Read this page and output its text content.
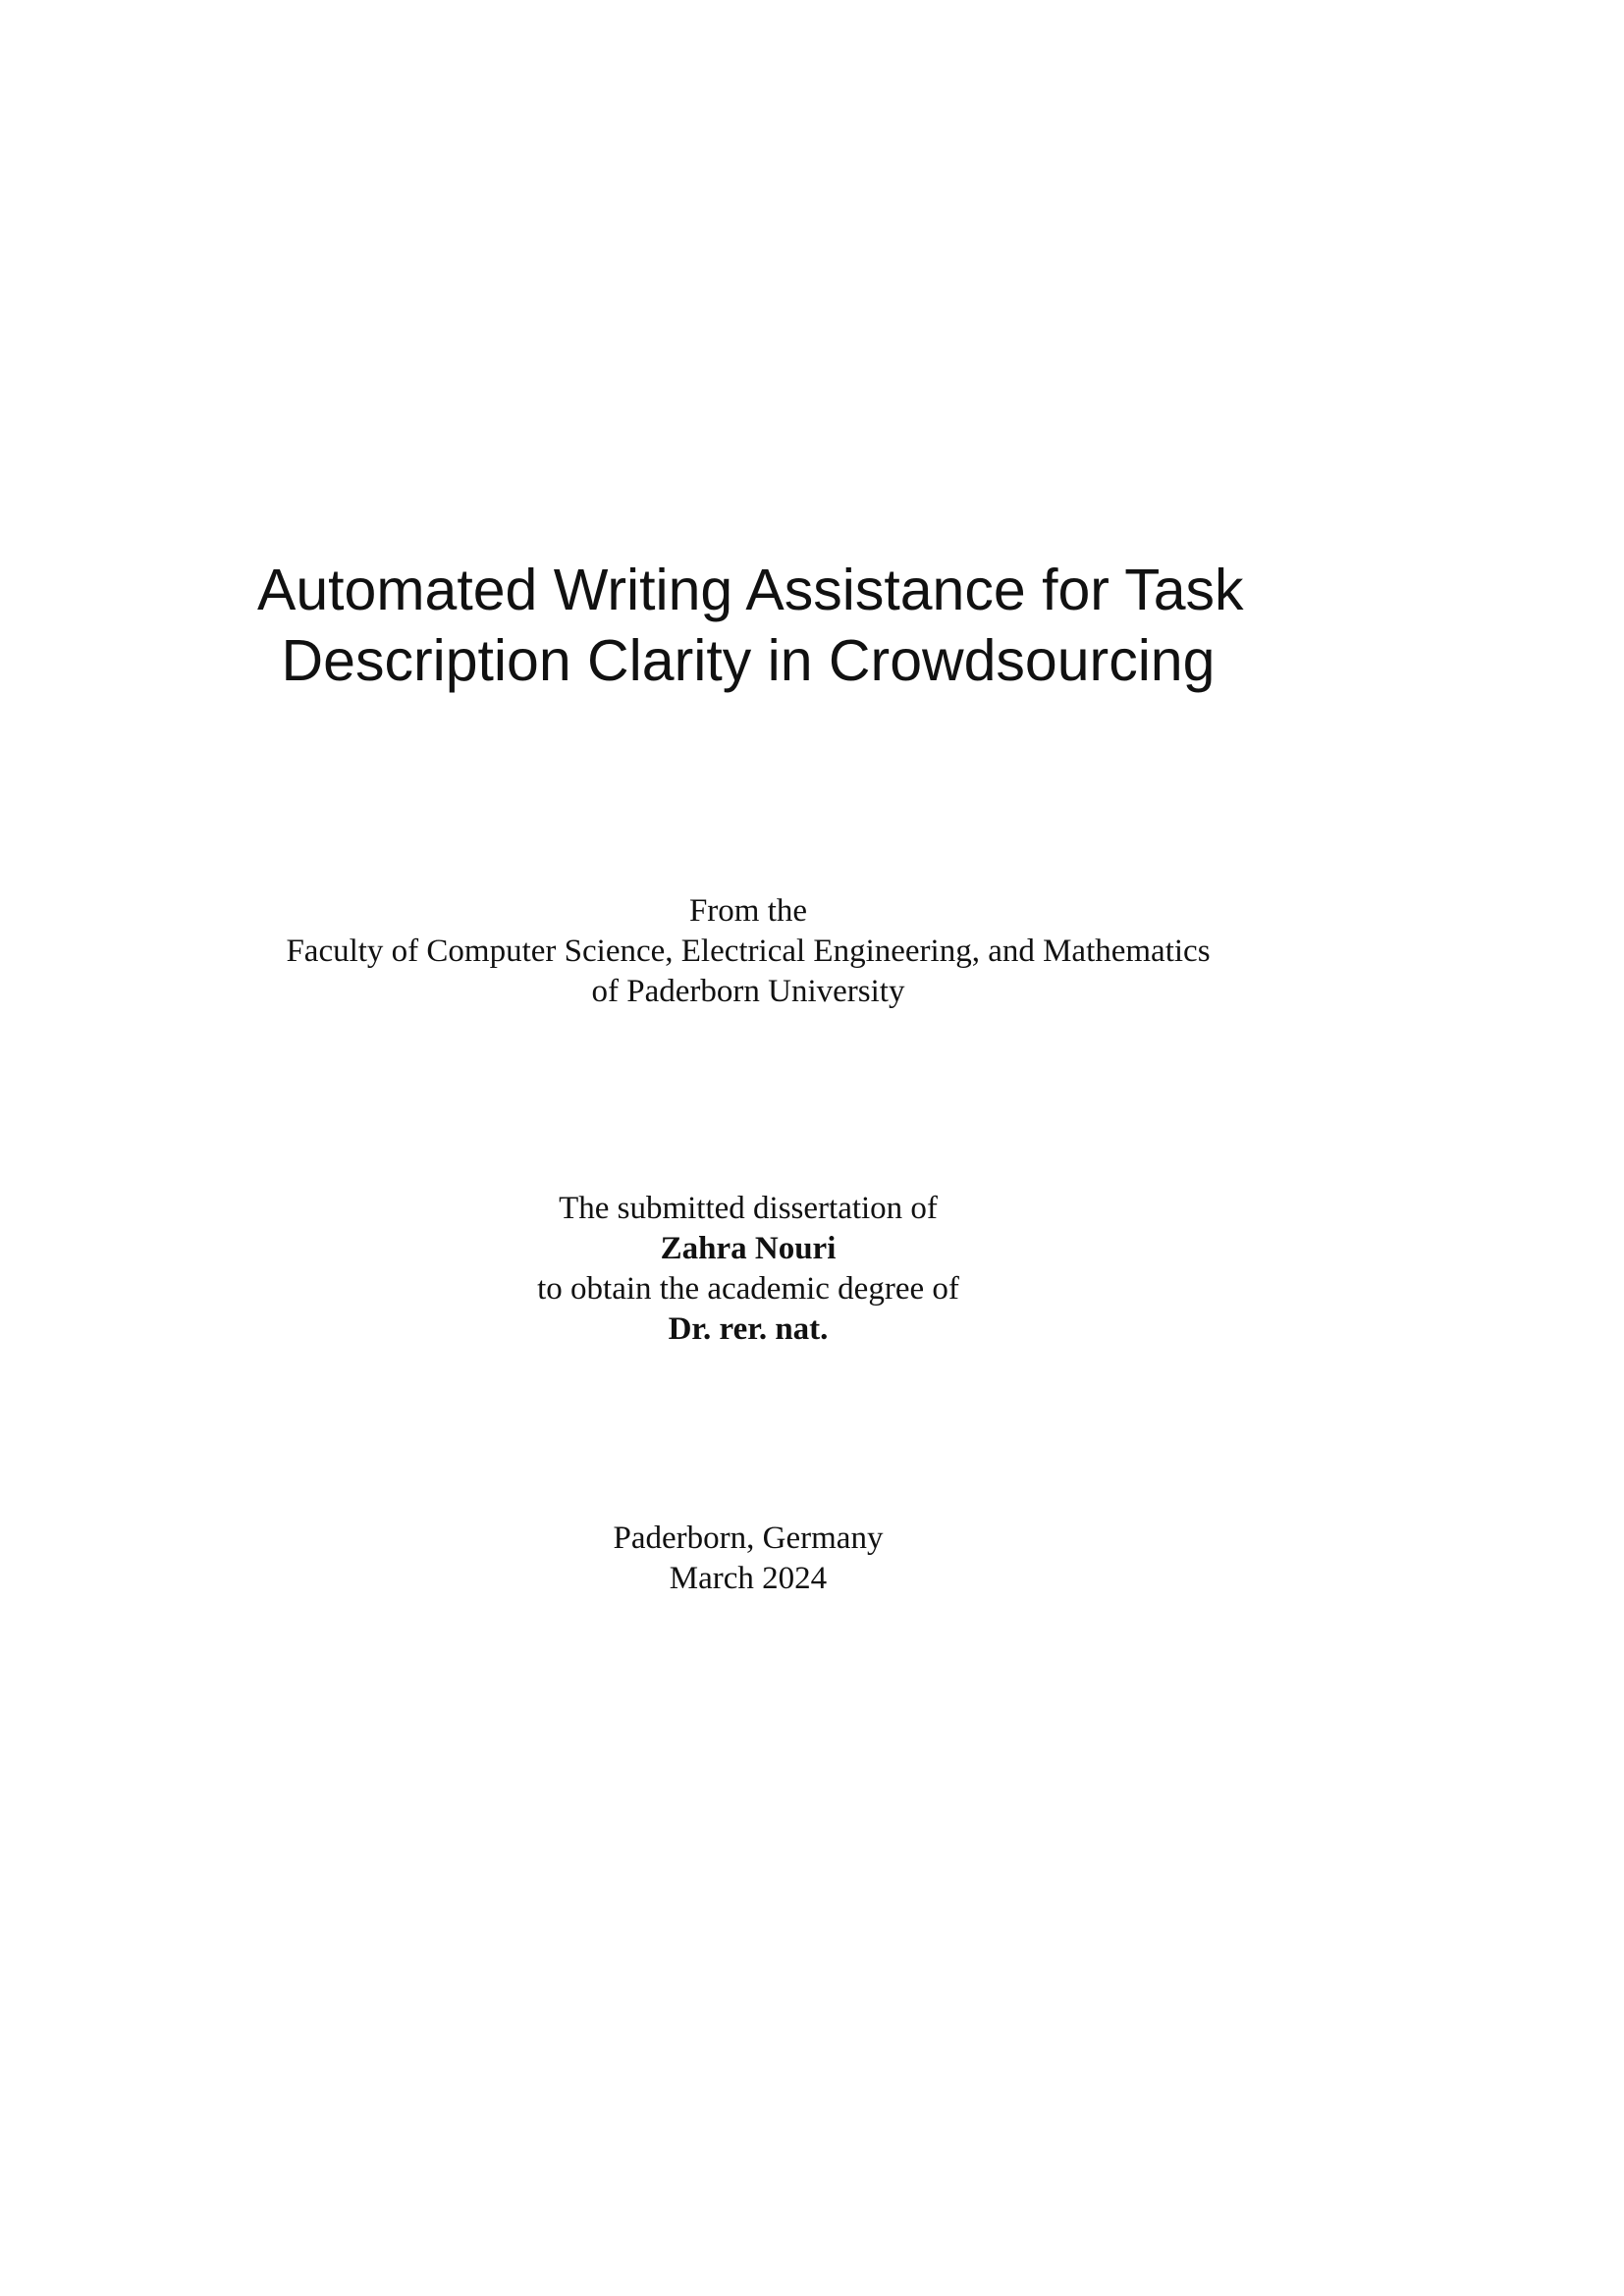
Automated Writing Assistance for Task
Description Clarity in Crowdsourcing
From the
Faculty of Computer Science, Electrical Engineering, and Mathematics
of Paderborn University
The submitted dissertation of
Zahra Nouri
to obtain the academic degree of
Dr. rer. nat.
Paderborn, Germany
March 2024
